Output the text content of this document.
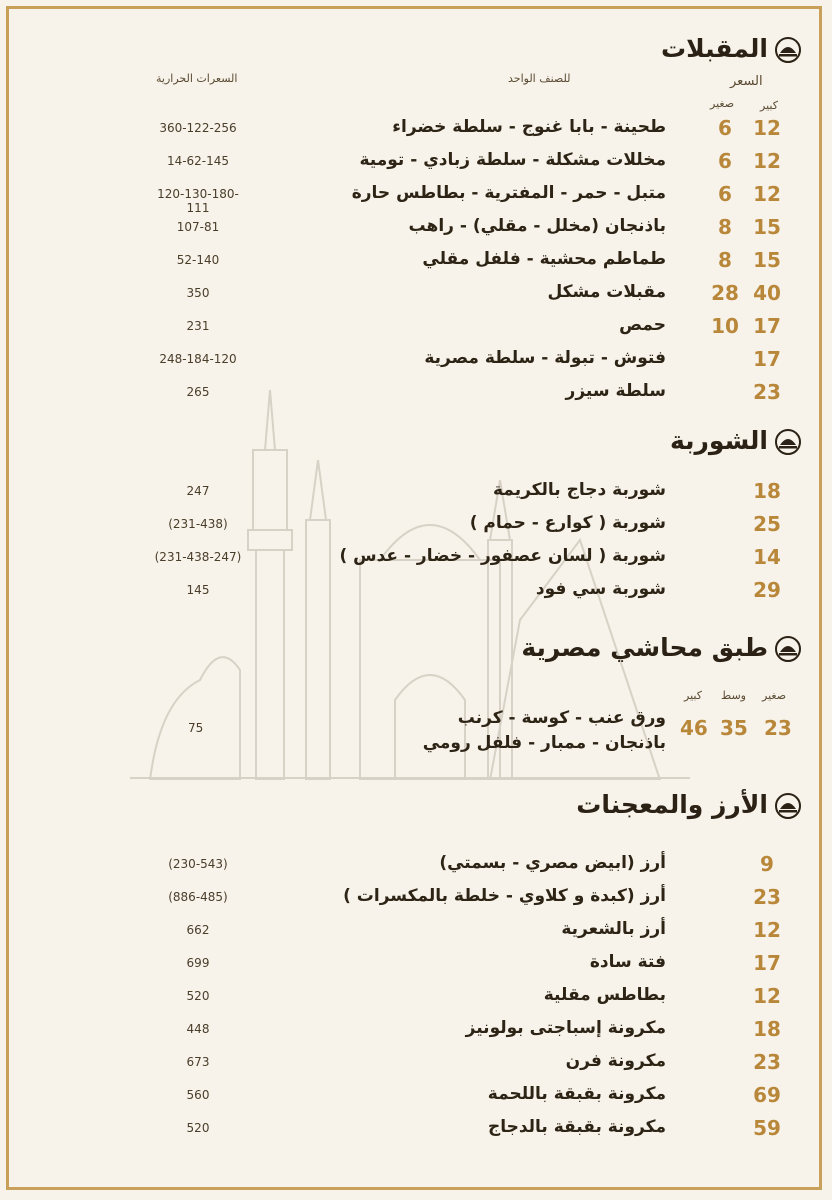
المقبلات
السعر
كبير
صغير
للصنف الواحد
السعرات الحرارية
12
6
طحينة - بابا غنوج - سلطة خضراء
360-122-256
12
6
مخللات مشكلة - سلطة زبادي - تومية
14-62-145
12
6
متبل - حمر - المفترية - بطاطس حارة
120-130-180-111
15
8
باذنجان (مخلل - مقلي) - راهب
107-81
15
8
طماطم محشية - فلفل مقلي
52-140
40
28
مقبلات مشكل
350
17
10
حمص
231
17
فتوش - تبولة - سلطة مصرية
248-184-120
23
سلطة سيزر
265
الشوربة
18
شوربة دجاج بالكريمة
247
25
شوربة ( كوارع - حمام )
(231-438)
14
شوربة ( لسان عصفور - خضار - عدس )
(231-438-247)
29
شوربة سي فود
145
طبق محاشي مصرية
صغير
وسط
كبير
23
35
46
ورق عنب - كوسة - كرنب
باذنجان - ممبار - فلفل رومي
75
الأرز والمعجنات
9
أرز (ابيض مصري - بسمتي)
(230-543)
23
أرز (كبدة و كلاوي - خلطة بالمكسرات )
(886-485)
12
أرز بالشعرية
662
17
فتة سادة
699
12
بطاطس مقلية
520
18
مكرونة إسباجتى بولونيز
448
23
مكرونة فرن
673
69
مكرونة بقبقة باللحمة
560
59
مكرونة بقبقة بالدجاج
520
